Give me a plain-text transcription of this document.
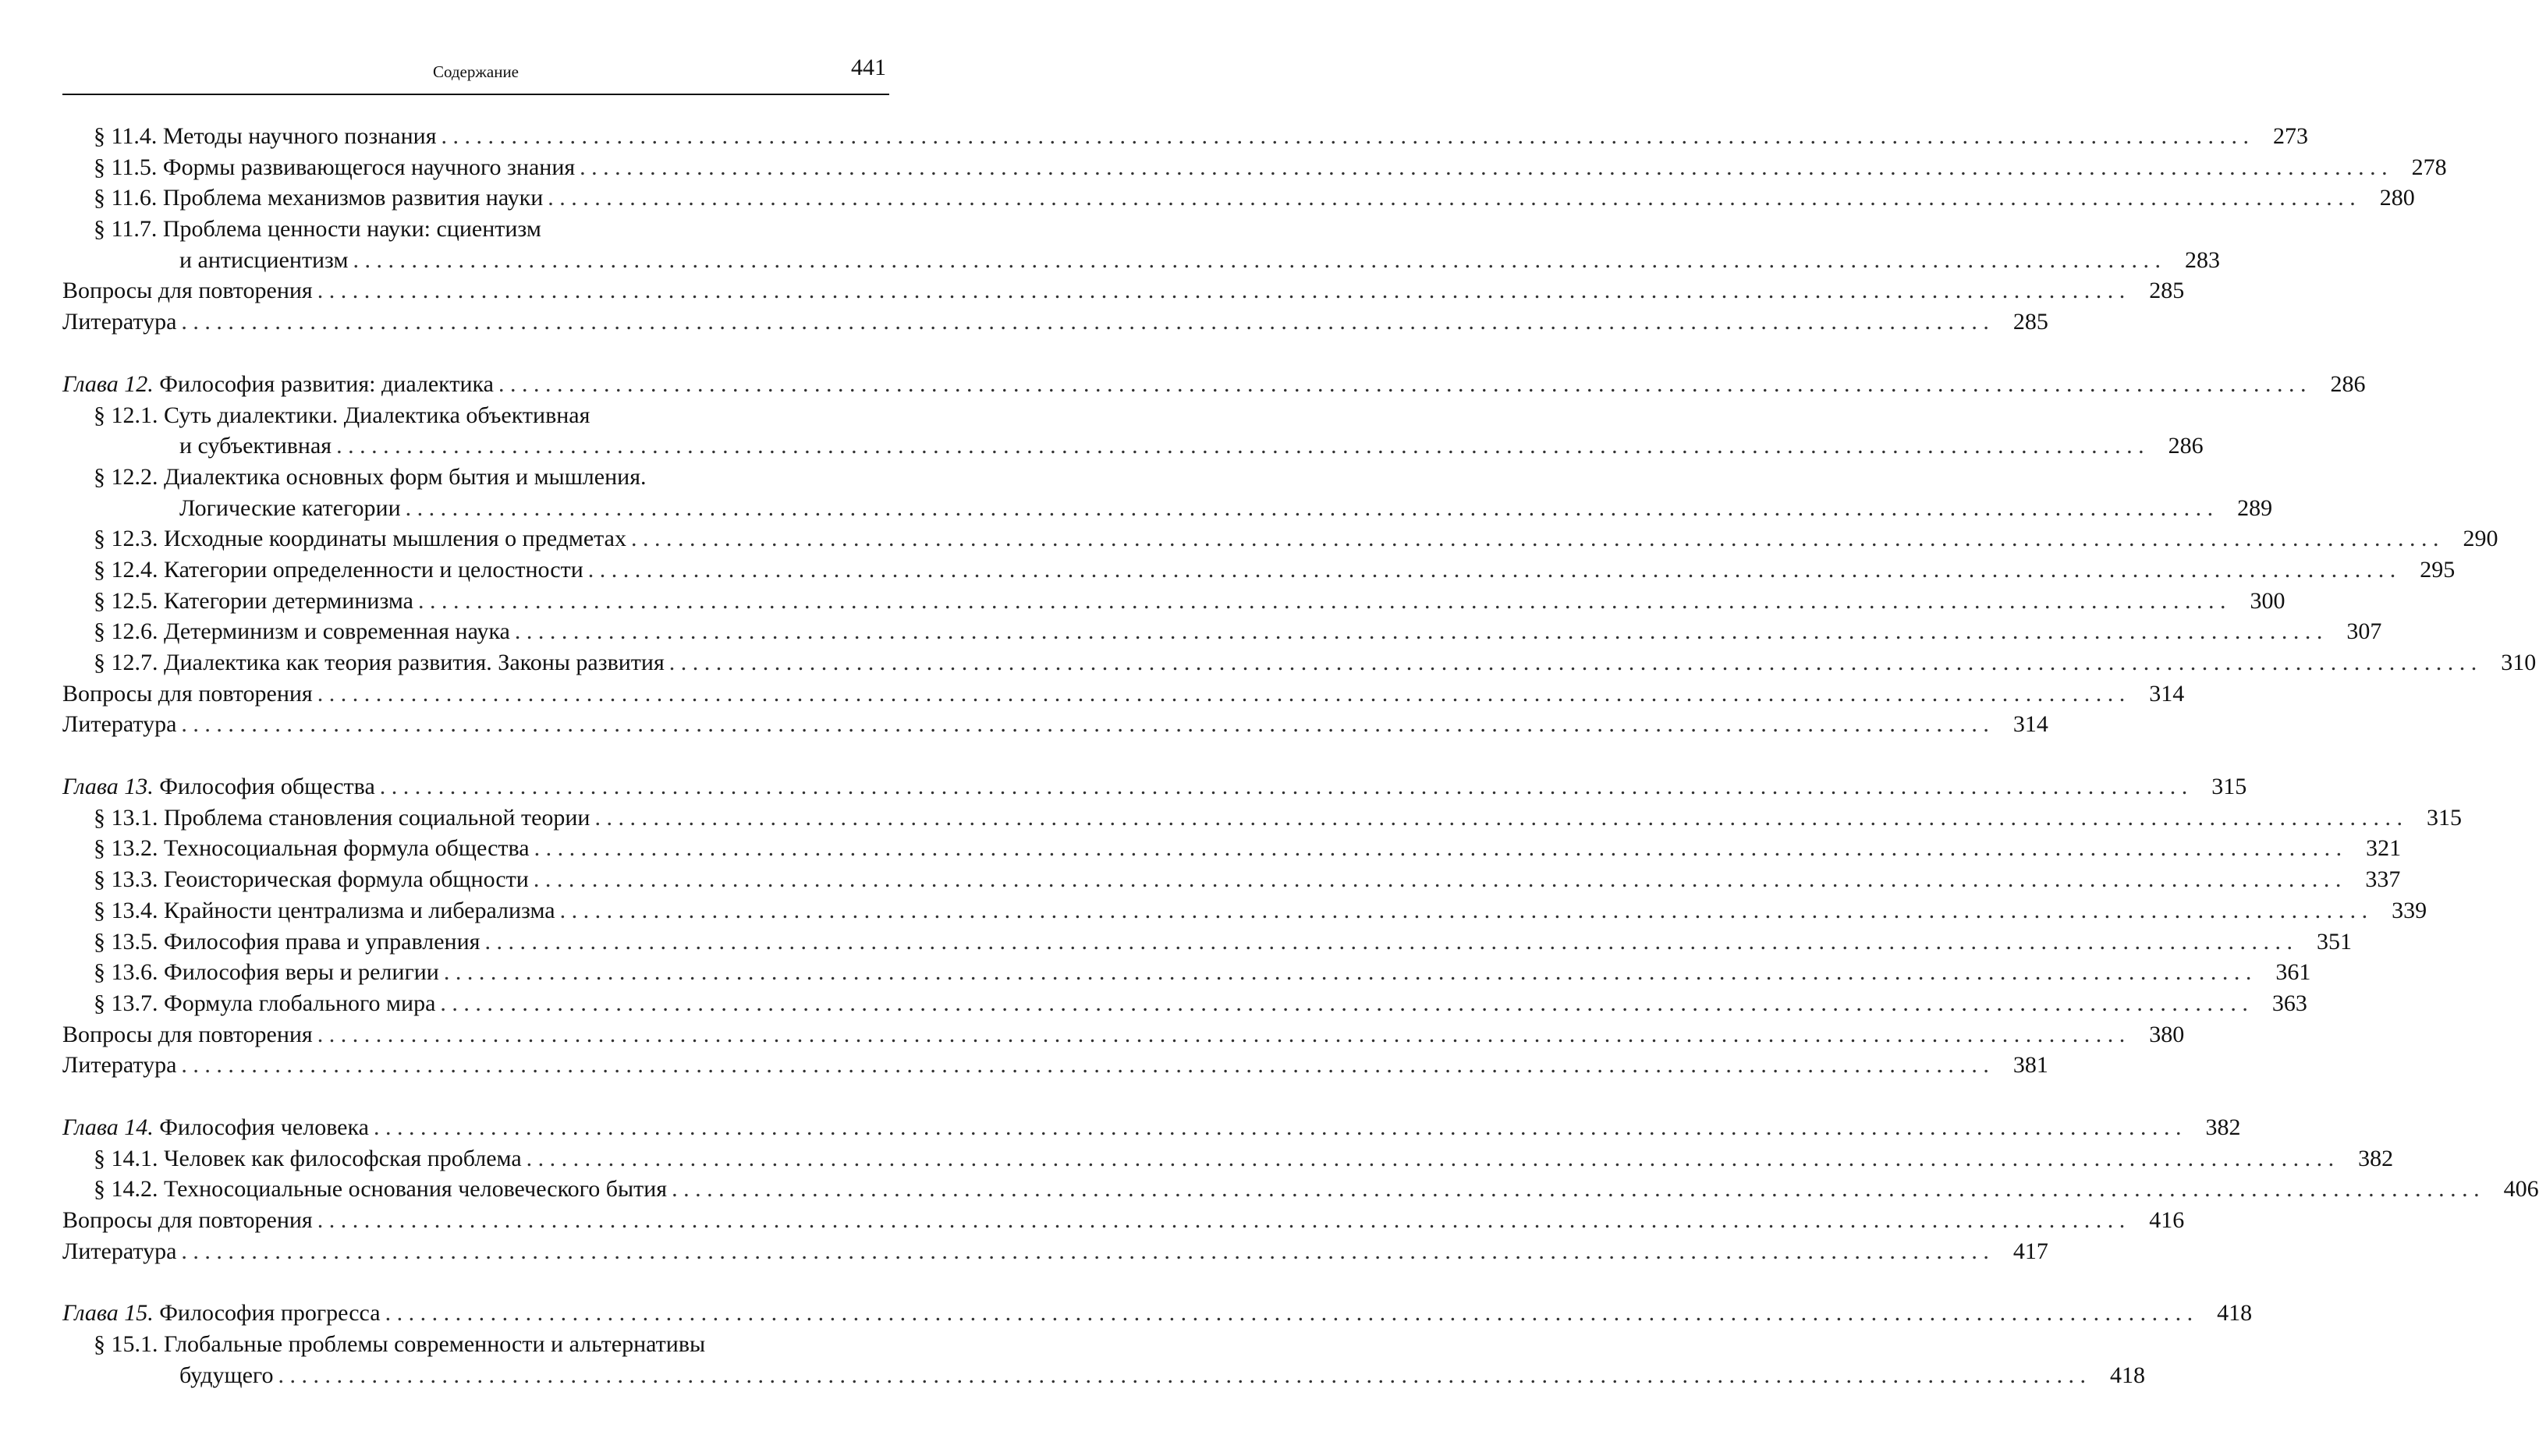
Содержание	441
§ 11.4. Методы научного познания . . .	273
§ 11.5. Формы развивающегося научного знания . . .	278
§ 11.6. Проблема механизмов развития науки . . .	280
§ 11.7. Проблема ценности науки: сциентизм
и антисциентизм . . .	283
Вопросы для повторения . . .	285
Литература . . .	285
Глава 12. Философия развития: диалектика . . .	286
§ 12.1. Суть диалектики. Диалектика объективная
и субъективная . . .	286
§ 12.2. Диалектика основных форм бытия и мышления.
Логические категории . . .	289
§ 12.3. Исходные координаты мышления о предметах . . .	290
§ 12.4. Категории определенности и целостности . . .	295
§ 12.5. Категории детерминизма . . .	300
§ 12.6. Детерминизм и современная наука . . .	307
§ 12.7. Диалектика как теория развития. Законы развития . . .	310
Вопросы для повторения . . .	314
Литература . . .	314
Глава 13. Философия общества . . .	315
§ 13.1. Проблема становления социальной теории . . .	315
§ 13.2. Техносоциальная формула общества . . .	321
§ 13.3. Геоисторическая формула общности . . .	337
§ 13.4. Крайности централизма и либерализма . . .	339
§ 13.5. Философия права и управления . . .	351
§ 13.6. Философия веры и религии . . .	361
§ 13.7. Формула глобального мира . . .	363
Вопросы для повторения . . .	380
Литература . . .	381
Глава 14. Философия человека . . .	382
§ 14.1. Человек как философская проблема . . .	382
§ 14.2. Техносоциальные основания человеческого бытия . . .	406
Вопросы для повторения . . .	416
Литература . . .	417
Глава 15. Философия прогресса . . .	418
§ 15.1. Глобальные проблемы современности и альтернативы
будущего . . .	418
